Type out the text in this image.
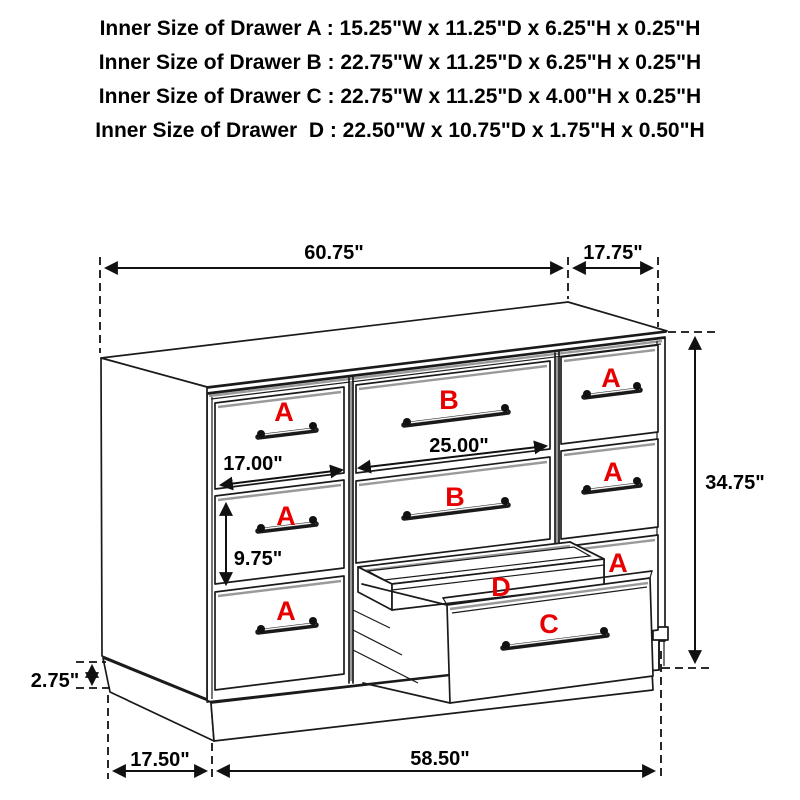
Inner Size of Drawer A : 15.25"W x 11.25"D x 6.25"H x 0.25"H
Inner Size of Drawer B : 22.75"W x 11.25"D x 6.25"H x 0.25"H
Inner Size of Drawer C : 22.75"W x 11.25"D x 4.00"H x 0.25"H
Inner Size of Drawer  D : 22.50"W x 10.75"D x 1.75"H x 0.50"H
A
A
A
A
A
A
B
B
D
C
60.75"	17.75"
34.75"
17.00"
25.00"
9.75"
2.75"
17.50"	58.50"
